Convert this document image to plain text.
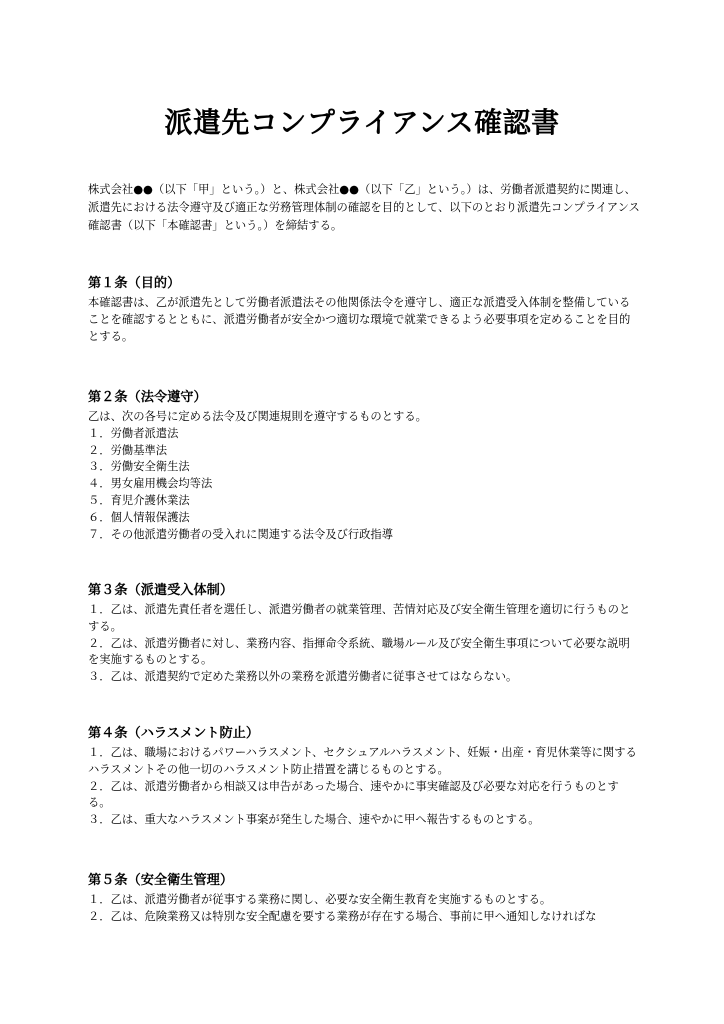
派遣先コンプライアンス確認書

株式会社●●（以下「甲」という。）と、株式会社●●（以下「乙」という。）は、労働者派遣契約に関連し、派遣先における法令遵守及び適正な労務管理体制の確認を目的として、以下のとおり派遣先コンプライアンス確認書（以下「本確認書」という。）を締結する。

第１条（目的）

本確認書は、乙が派遣先として労働者派遣法その他関係法令を遵守し、適正な派遣受入体制を整備していることを確認するとともに、派遣労働者が安全かつ適切な環境で就業できるよう必要事項を定めることを目的とする。

第２条（法令遵守）

乙は、次の各号に定める法令及び関連規則を遵守するものとする。

１．労働者派遣法
２．労働基準法
３．労働安全衛生法
４．男女雇用機会均等法
５．育児介護休業法
６．個人情報保護法
７．その他派遣労働者の受入れに関連する法令及び行政指導
第３条（派遣受入体制）
１．乙は、派遣先責任者を選任し、派遣労働者の就業管理、苦情対応及び安全衛生管理を適切に行うものとする。
２．乙は、派遣労働者に対し、業務内容、指揮命令系統、職場ルール及び安全衛生事項について必要な説明を実施するものとする。
３．乙は、派遣契約で定めた業務以外の業務を派遣労働者に従事させてはならない。
第４条（ハラスメント防止）
１．乙は、職場におけるパワーハラスメント、セクシュアルハラスメント、妊娠・出産・育児休業等に関するハラスメントその他一切のハラスメント防止措置を講じるものとする。
２．乙は、派遣労働者から相談又は申告があった場合、速やかに事実確認及び必要な対応を行うものとする。
３．乙は、重大なハラスメント事案が発生した場合、速やかに甲へ報告するものとする。
第５条（安全衛生管理）
１．乙は、派遣労働者が従事する業務に関し、必要な安全衛生教育を実施するものとする。
２．乙は、危険業務又は特別な安全配慮を要する業務が存在する場合、事前に甲へ通知しなければな
